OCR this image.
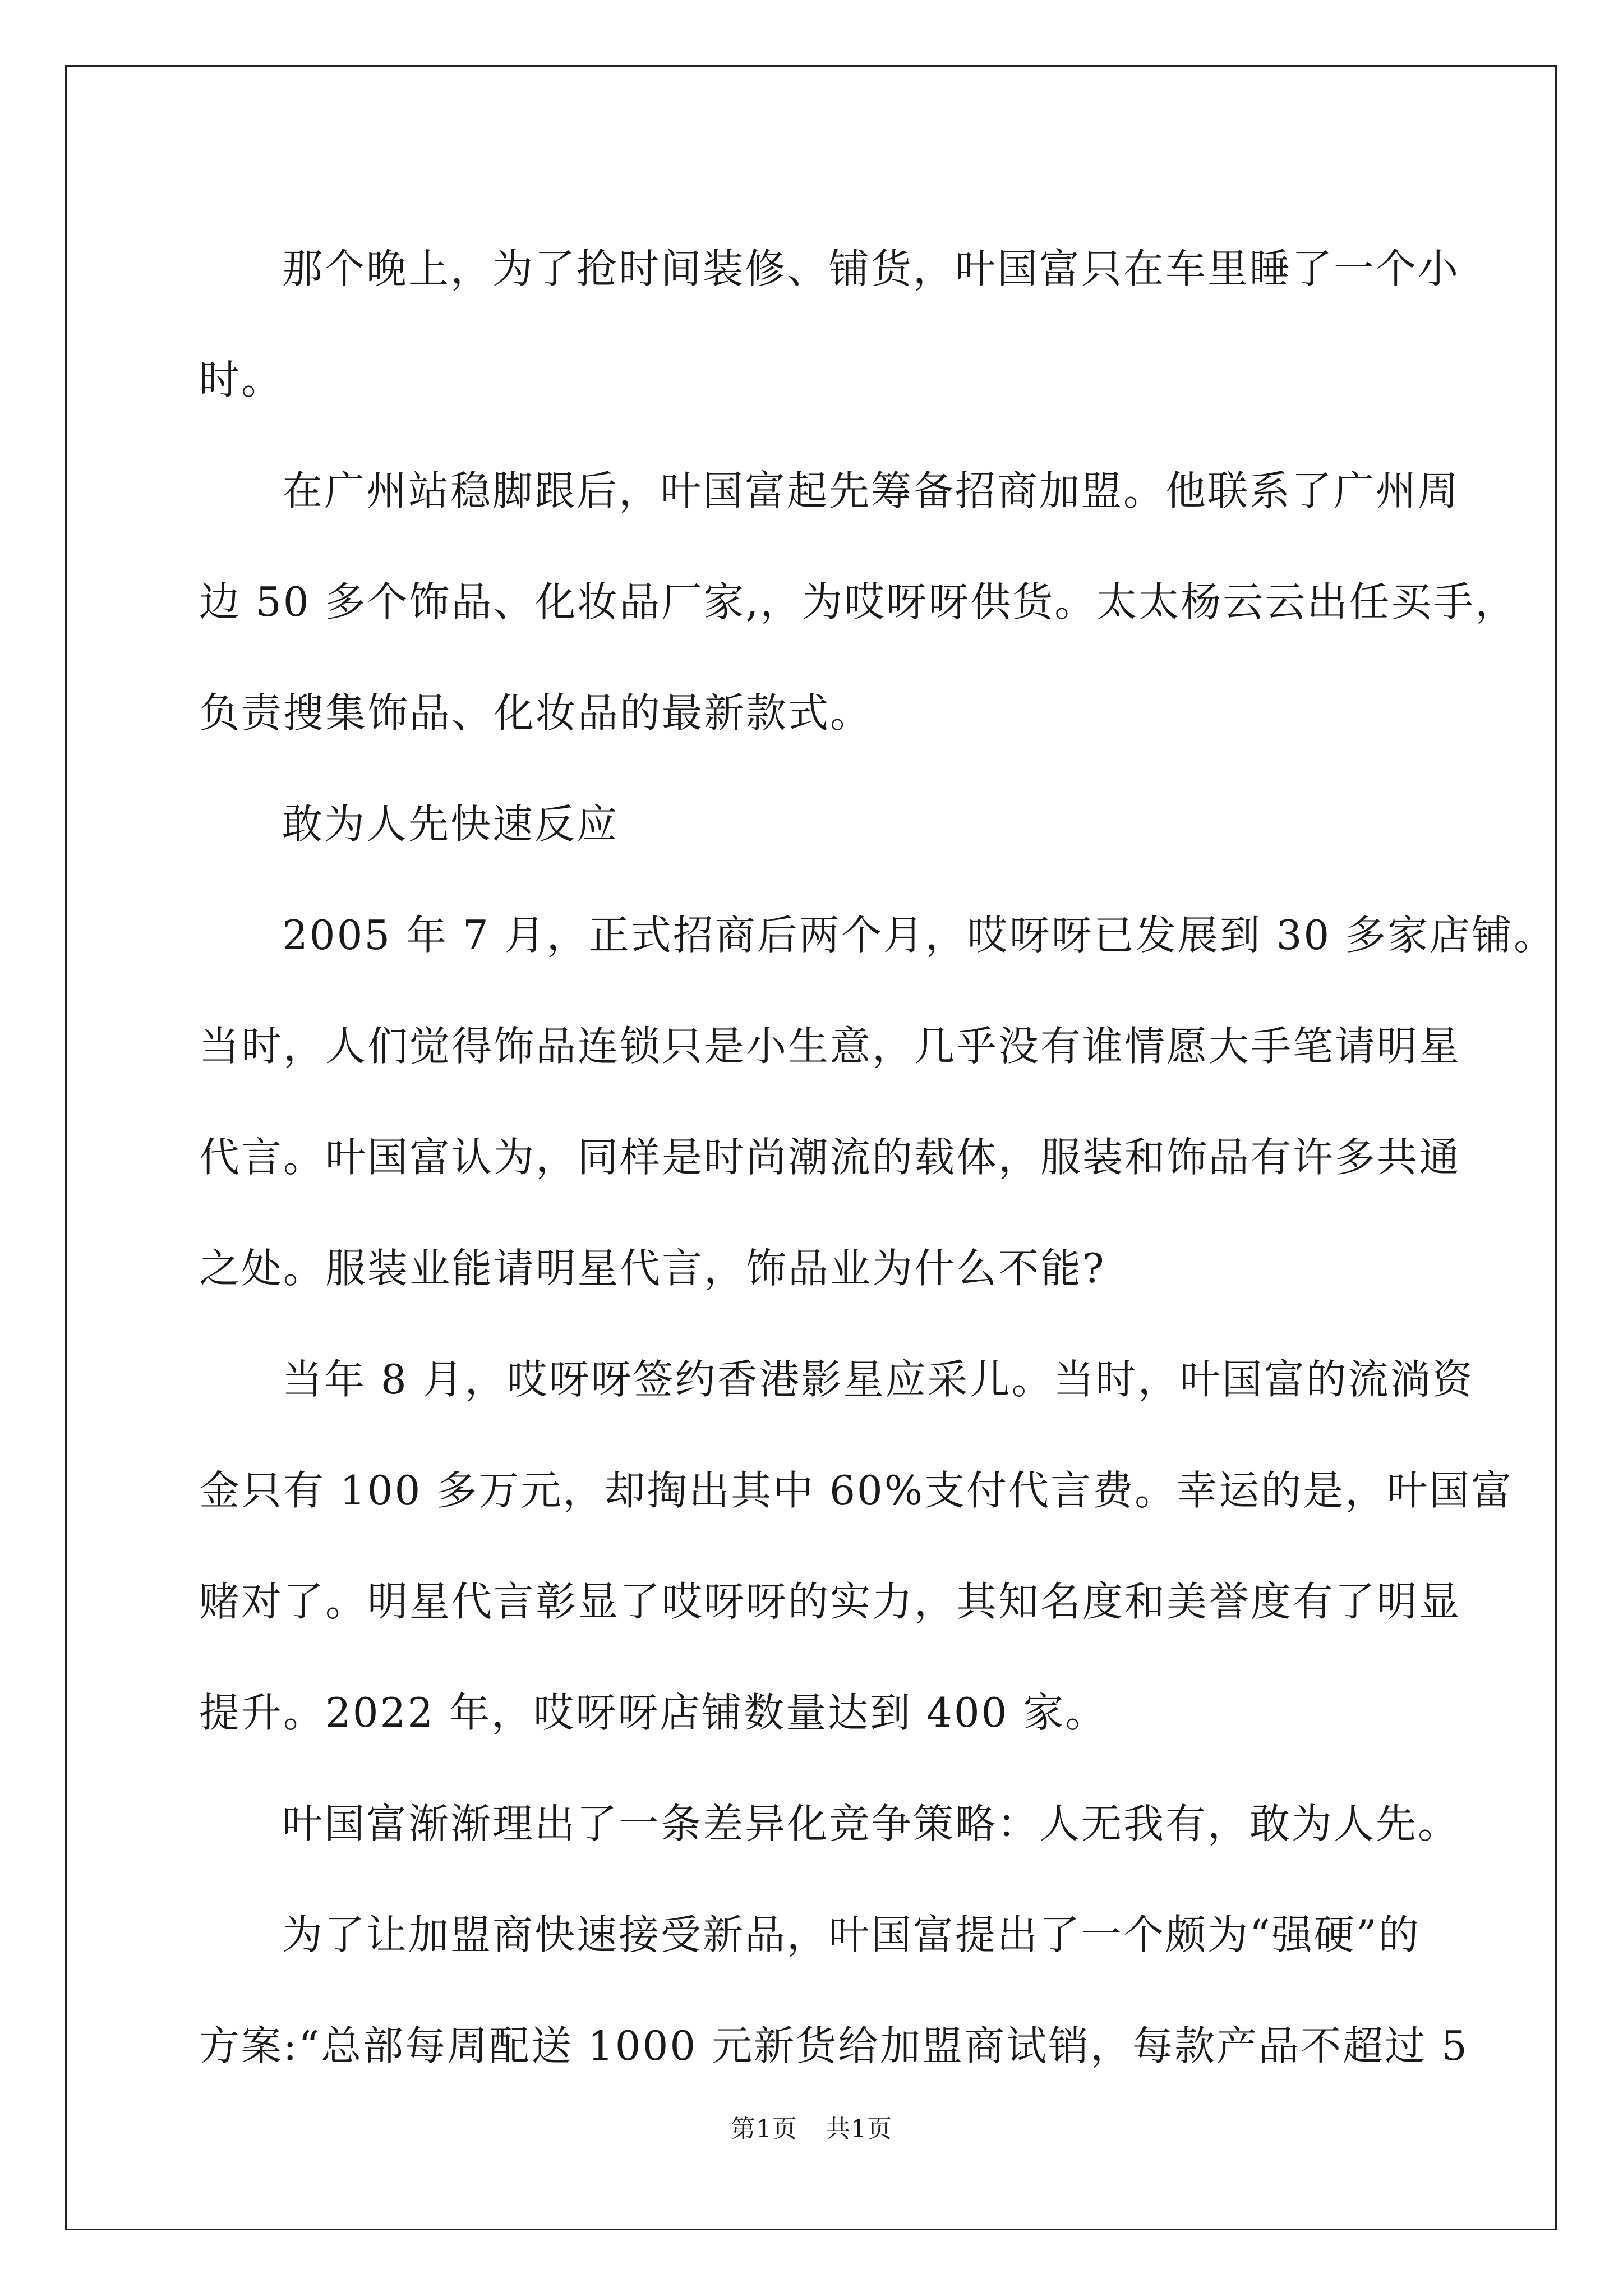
那个晚上，为了抢时间装修、铺货，叶国富只在车里睡了一个小
时。
在广州站稳脚跟后，叶国富起先筹备招商加盟。他联系了广州周
边 50 多个饰品、化妆品厂家,，为哎呀呀供货。太太杨云云出任买手，
负责搜集饰品、化妆品的最新款式。
敢为人先快速反应
2005 年 7 月，正式招商后两个月，哎呀呀已发展到 30 多家店铺。
当时，人们觉得饰品连锁只是小生意，几乎没有谁情愿大手笔请明星
代言。叶国富认为，同样是时尚潮流的载体，服装和饰品有许多共通
之处。服装业能请明星代言，饰品业为什么不能?
当年 8 月，哎呀呀签约香港影星应采儿。当时，叶国富的流淌资
金只有 100 多万元，却掏出其中 60%支付代言费。幸运的是，叶国富
赌对了。明星代言彰显了哎呀呀的实力，其知名度和美誉度有了明显
提升。2022 年，哎呀呀店铺数量达到 400 家。
叶国富渐渐理出了一条差异化竞争策略：人无我有，敢为人先。
为了让加盟商快速接受新品，叶国富提出了一个颇为“强硬”的
方案:“总部每周配送 1000 元新货给加盟商试销，每款产品不超过 5
第1页 共1页
